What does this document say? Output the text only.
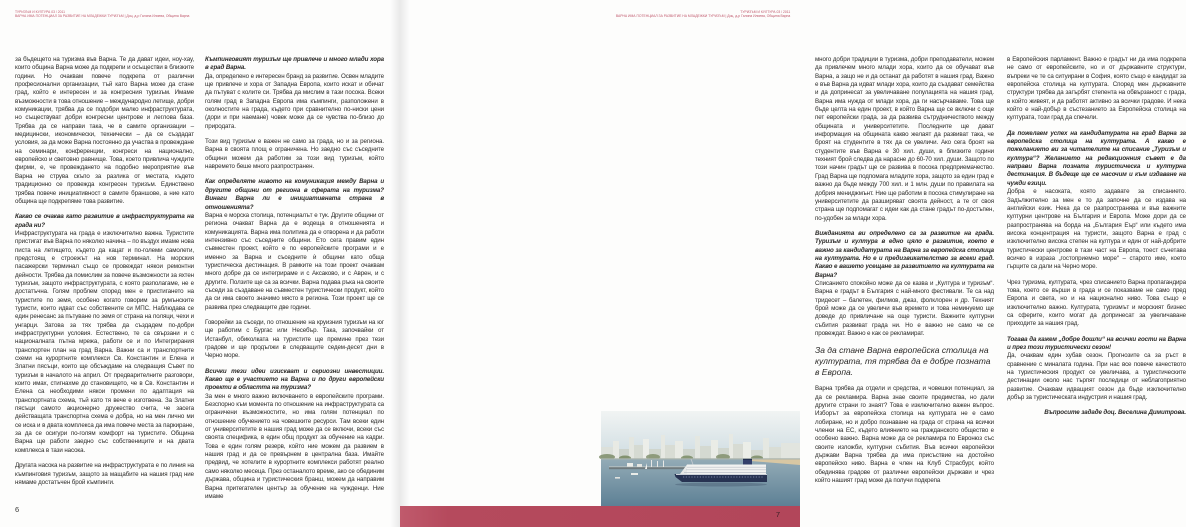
ТУРИЗЪМ И КУЛТУРА 03 / 2011
ВАРНА ИМА ПОТЕНЦИАЛ ЗА РАЗВИТИЕ НА МЛАДЕЖКИ ТУРИЗЪМ | Доц. д-р Галина Илиева, Община Варна

за бъдещето на туризма във Варна. Те да дават идеи, ноу-хау, които община Варна може да подкрепи и осъществи в близките години. Но очаквам повече подкрепа от различни професионални организации, тъй като Варна може да стане град, който е интересен и за конгресния туризъм. Имаме възможности в това отношение – международно летище, добри комуникации, трябва да се подобри малко инфраструктурата, но съществуват добри конгресни центрове и леглова база. Трябва да се направи така, че в самите организации – медицински, икономически, технически – да се създадат условия, за да може Варна постоянно да участва в провеждане на семинари, конференции, конгреси на национално, европейско и световно равнище. Това, което привлича чуждите фирми, е, че провеждането на подобно мероприятие във Варна не струва скъпо за разлика от местата, където традиционно се провежда конгресен туризъм. Единствено трябва повече инициативност в самите браншове, а ние като община ще подкрепяме това развитие.

Какво се очаква като развитие в инфраструктурата на града ни?

Инфраструктурата на града е изключително важна. Туристите пристигат във Варна по няколко начина – по въздух имаме нова писта на летището, където да кацат и по-големи самолети, предстоящ е строежът на нов терминал. На морския пасажерски терминал също се провеждат някои ремонтни дейности. Трябва да помислим за повече възможности за яхтен туризъм, защото инфраструктурата, с която разполагаме, не е достатъчна. Голям проблем според мен е пристигането на туристите по земя, особено когато говорим за румънските туристи, които идват със собствените си МПС. Наблюдава се един ренесанс за пътуване по земя от страна на поляци, чехи и унгарци. Затова за тях трябва да създадем по-добри инфраструктурни условия. Естествено, те са свързани и с националната пътна мрежа, работи се и по Интегрирания транспортен план на град Варна. Важни са и транспортните схеми на курортните комплекси Св. Константин и Елена и Златни пясъци, които ще обсъждаме на следващия Съвет по туризъм в началото на април. От предварителните разговори, които имах, стигнахме до становището, че в Св. Константин и Елена са необходими някои промени по адаптация на транспортната схема, тъй като тя вече е изготвена. За Златни пясъци самото акционерно дружество счита, че засега действащата транспортна схема е добра, но на мен лично ми се иска и в двата комплекса да има повече места за паркиране, за да се осигури по-голям комфорт на туристите. Община Варна ще работи заедно със собствениците и на двата комплекса в тази насока.

Другата насока на развитие на инфраструктурата е по линия на къмпинговия туризъм, защото за мащабите на нашия град ние нямаме достатъчен брой къмпинги.

Къмпинговият туризъм ще привлече и много млади хора в град Варна.

Да, определено е интересен бранд за развитие. Освен младите ще привлече и хора от Западна Европа, които искат и обичат да пътуват с колите си. Трябва да мислим в тази посока. Всеки голям град в Западна Европа има къмпинги, разположени в околностите на града, където при сравнително по-ниски цени (дори и при наемане) човек може да се чувства по-близо до природата.

Този вид туризъм е важен не само за града, но и за региона. Варна в своята площ е ограничена. Но заедно със съседните общини можем да работим за този вид туризъм, който навремето беше много разпространен.

Как определяте нивото на комуникация между Варна и другите общини от региона в сферата на туризма? Винаги Варна ли е инициативната страна в отношенията?

Варна е морска столица, потенциалът е тук. Другите общини от региона очакват Варна да е водеща в отношенията и комуникацията. Варна има политика да е отворена и да работи интензивно със съседните общини. Ето сега правим един съвместен проект, който е по европейските програми и е именно за Варна и съседните ѝ общини като обща туристическа дестинация. В рамките на този проект очаквам много добре да се интегрираме и с Аксаково, и с Аврен, и с другите. Ползите ще са за всички. Варна подава ръка на своите съседи за създаване на съвместен туристически продукт, който да си има своето значимо място в региона. Този проект ще се развива през следващите две години.

Говорейки за съседи, по отношение на круизния туризъм на юг ще работим с Бургас или Несебър. Така, започвайки от Истанбул, обиколката на туристите ще премине през тези градове и ще продължи в следващите седем-десет дни в Черно море.

Всички тези идеи изискват и сериозни инвестиции. Какво ще е участието на Варна и по други европейски проекти в областта на туризма?

За мен е много важно включването в европейските програми. Безспорно към момента по отношение на инфраструктурата са ограничени възможностите, но има голям потенциал по отношение обучението на човешките ресурси. Там всеки един от университетите в нашия град може да се включи, всеки със своята специфика, в един общ продукт за обучение на кадри. Това е един голям резерв, който ние можем да развием в нашия град и да се превърнем в централна база. Имайте предвид, че хотелите в курортните комплекси работят реално само няколко месеца. През останалото време, ако се обединим държава, община и туристическия бранш, можем да направим Варна притегателен център за обучение на чужденци. Ние имаме

6
ТУРИЗЪМ И КУЛТУРА 03 / 2011
ВАРНА ИМА ПОТЕНЦИАЛ ЗА РАЗВИТИЕ НА МЛАДЕЖКИ ТУРИЗЪМ | Доц. д-р Галина Илиева, Община Варна

много добри традиции в туризма, добри преподаватели, можем да привлечем много млади хора, които да се обучават във Варна, а защо не и да останат да работят в нашия град. Важно е във Варна да идват млади хора, които да създават семейства и да допринесат за увеличаване популацията на нашия град. Варна има нужда от млади хора, да ги насърчаваме. Това ще бъде целта на един проект, в който Варна ще се включи с още пет европейски града, за да развива сътрудничеството между общината и университетите. Последните ще дават информация на общината какво желаят да развиват така, че броят на студентите в тях да се увеличи. Ако сега броят на студентите във Варна е 30 хил. души, в близките години техният брой следва да нарасне до 60-70 хил. души. Защото по този начин градът ще се развива в посока предприемачество. Град Варна ще подпомага младите хора, защото за един град е важно да бъде между 700 хил. и 1 млн. души по правилата на добрия мениджмънт. Ние ще работим в посока стимулиране на университетите да разширяват своята дейност, а те от своя страна ще подпомагат с идеи как да стане градът по-достъпен, по-удобен за млади хора.

Вижданията ви определено са за развитие на града. Туризъм и култура в едно цяло е развитие, което е важно за кандидатурата на Варна за европейска столица на културата. Но е и предизвикателство за всеки град. Какво е вашето усещане за развитието на културата на Варна?

Списанието спокойно може да се казва и „Култура и туризъм“. Варна е градът в България с най-много фестивали. Те са над тридесет – балетен, филмов, джаз, фолклорен и др. Техният брой може да се увеличи във времето и това неминуемо ще доведе до привличане на още туристи. Важните културни събития развиват града ни. Но е важно не само че се провеждат. Важно е как се рекламират.

За да стане Варна европейска столица на културата, тя трябва да е добре позната в Европа.

Варна трябва да отдели и средства, и човешки потенциал, за да се рекламира. Варна знае своите предимства, но дали другите страни го знаят? Това е изключително важен въпрос. Изборът за европейска столица на културата не е само лобиране, но и добро познаване на града от страна на всички членки на ЕС, където влиянието на гражданското общество е особено важно. Варна може да се рекламира по Евронюз със своите изложби, културни събития. Във всички европейски държави Варна трябва да има присъствие на достойно европейско ниво. Варна е член на Клуб Страсбург, който обединява градове от различни европейски държави и чрез който нашият град може да получи подкрепа

в Европейския парламент. Важно е градът ни да има подкрепа не само от европейските, но и от държавните структури, въпреки че те са ситуирани в София, която също е кандидат за европейска столица на културата. Според мен държавните структури трябва да загърбят степента на обвързаност с града, в който живеят, и да работят активно за всички градове. И нека който е най-добър в състезанието за Европейска столица на културата, този град да спечели.

Да пожелаем успех на кандидатурата на град Варна за европейска столица на културата. А какво е пожеланието ви за читателите на списание „Туризъм и култура“? Желанието на редакционния съвет е да направи Варна позната туристическа и културна дестинация. В бъдеще ще се насочим и към издаване на чужди езици.

Добра е насоката, която задавате за списанието. Задължително за мен е то да започне да се издава на английски език. Нека да се разпространява и във важните културни центрове на България и Европа. Може дори да се разпространява на борда на „България Еър“ или където има висока концентрация на туристи, защото Варна е град с изключително висока степен на култура и един от най-добрите туристически центрове в тази част на Европа, тоест съчетава всичко в израза „гостоприемно море“ – старото име, което гърците са дали на Черно море.

Чрез туризма, културата, чрез списанието Варна пропагандира това, което се върши в града и се показваме не само пред Европа и света, но и на национално ниво. Това също е изключително важно. Културата, туризмът и морският бизнес са сферите, които могат да допринесат за увеличаване приходите за нашия град.

Тогава да кажем „добре дошли“ на всички гости на Варна и през този туристически сезон!

Да, очаквам един хубав сезон. Прогнозите са за ръст в сравнение с миналата година. При нас все повече качеството на туристическия продукт се увеличава, а туристическите дестинации около нас търпят последици от неблагоприятно развитие. Очаквам идващият сезон да бъде изключително добър за туристическата индустрия и нашия град.

Въпросите зададе доц. Веселина Димитрова.

7
